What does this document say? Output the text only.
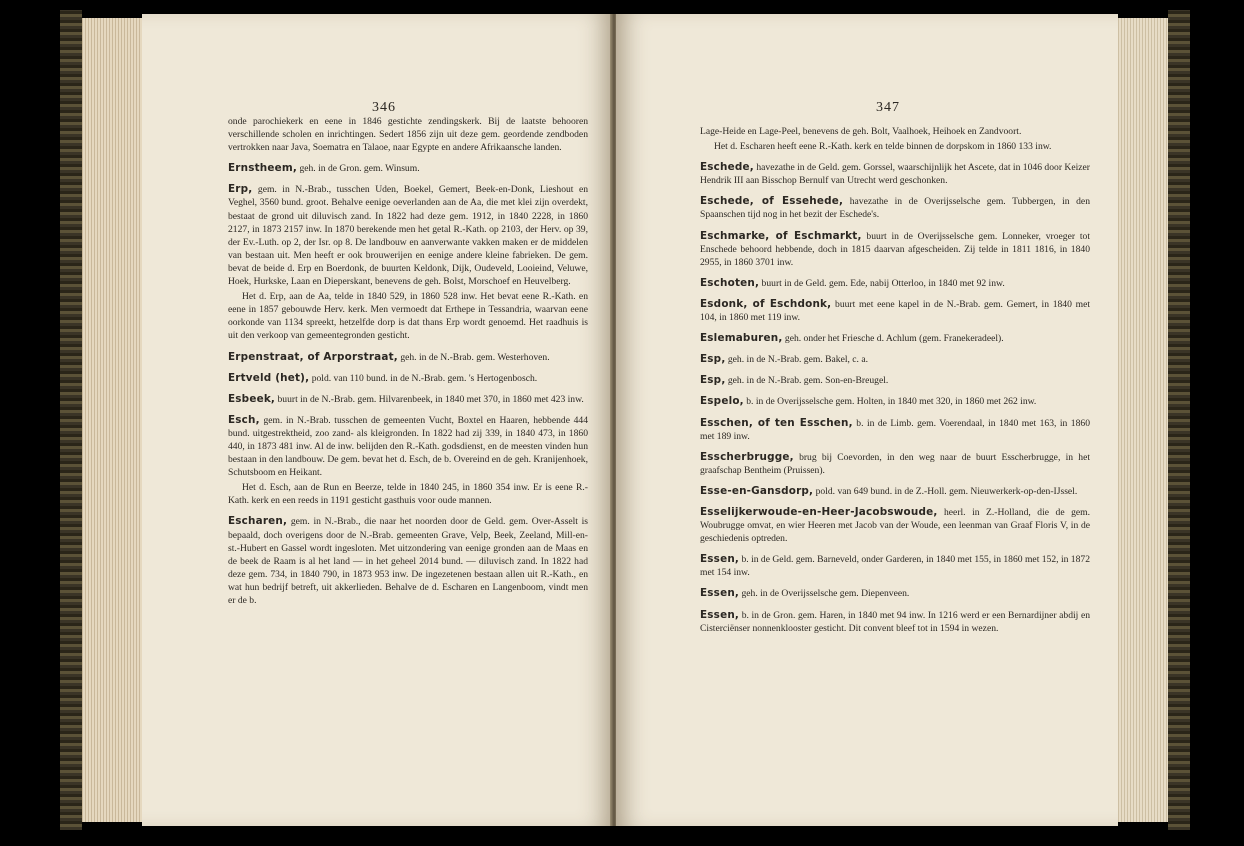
346

onde parochiekerk en eene in 1846 gestichte zendingskerk. Bij de laatste behooren verschillende scholen en inrichtingen. Sedert 1856 zijn uit deze gem. geordende zendboden vertrokken naar Java, Soematra en Talaoe, naar Egypte en andere Afrikaansche landen.

Ernstheem, geh. in de Gron. gem. Winsum.

Erp, gem. in N.-Brab., tusschen Uden, Boekel, Gemert, Beek-en-Donk, Lieshout en Veghel, 3560 bund. groot. Behalve eenige oeverlanden aan de Aa, die met klei zijn overdekt, bestaat de grond uit diluvisch zand. In 1822 had deze gem. 1912, in 1840 2228, in 1860 2127, in 1873 2157 inw. In 1870 berekende men het getal R.-Kath. op 2103, der Herv. op 39, der Ev.-Luth. op 2, der Isr. op 8. De landbouw en aanverwante vakken maken er de middelen van bestaan uit. Men heeft er ook brouwerijen en eenige andere kleine fabrieken. De gem. bevat de beide d. Erp en Boerdonk, de buurten Keldonk, Dijk, Oudeveld, Looieind, Veluwe, Hoek, Hurkske, Laan en Dieperskant, benevens de geh. Bolst, Morschoef en Heuvelberg.

Het d. Erp, aan de Aa, telde in 1840 529, in 1860 528 inw. Het bevat eene R.-Kath. en eene in 1857 gebouwde Herv. kerk. Men vermoedt dat Erthepe in Tessandria, waarvan eene oorkonde van 1134 spreekt, hetzelfde dorp is dat thans Erp wordt genoemd. Het raadhuis is uit den verkoop van gemeentegronden gesticht.

Erpenstraat, of Arporstraat, geh. in de N.-Brab. gem. Westerhoven.

Ertveld (het), pold. van 110 bund. in de N.-Brab. gem. 's Hertogenbosch.

Esbeek, buurt in de N.-Brab. gem. Hilvarenbeek, in 1840 met 370, in 1860 met 423 inw.

Esch, gem. in N.-Brab. tusschen de gemeenten Vucht, Boxtel en Haaren, hebbende 444 bund. uitgestrektheid, zoo zand- als kleigronden. In 1822 had zij 339, in 1840 473, in 1860 440, in 1873 481 inw. Al de inw. belijden den R.-Kath. godsdienst, en de meesten vinden hun bestaan in den landbouw. De gem. bevat het d. Esch, de b. Overeind en de geh. Kranijenhoek, Schutsboom en Heikant.

Het d. Esch, aan de Run en Beerze, telde in 1840 245, in 1860 354 inw. Er is eene R.-Kath. kerk en een reeds in 1191 gesticht gasthuis voor oude mannen.

Escharen, gem. in N.-Brab., die naar het noorden door de Geld. gem. Over-Asselt is bepaald, doch overigens door de N.-Brab. gemeenten Grave, Velp, Beek, Zeeland, Mill-en-st.-Hubert en Gassel wordt ingesloten. Met uitzondering van eenige gronden aan de Maas en de beek de Raam is al het land — in het geheel 2014 bund. — diluvisch zand. In 1822 had deze gem. 734, in 1840 790, in 1873 953 inw. De ingezetenen bestaan allen uit R.-Kath., en wat hun bedrijf betreft, uit akkerlieden. Behalve de d. Escharen en Langenboom, vindt men er de b.

347

Lage-Heide en Lage-Peel, benevens de geh. Bolt, Vaalhoek, Heihoek en Zandvoort.

Het d. Escharen heeft eene R.-Kath. kerk en telde binnen de dorpskom in 1860 133 inw.

Eschede, havezathe in de Geld. gem. Gorssel, waarschijnlijk het Ascete, dat in 1046 door Keizer Hendrik III aan Bisschop Bernulf van Utrecht werd geschonken.

Eschede, of Essehede, havezathe in de Overijsselsche gem. Tubbergen, in den Spaanschen tijd nog in het bezit der Eschede's.

Eschmarke, of Eschmarkt, buurt in de Overijsselsche gem. Lonneker, vroeger tot Enschede behoord hebbende, doch in 1815 daarvan afgescheiden. Zij telde in 1811 1816, in 1840 2955, in 1860 3701 inw.

Eschoten, buurt in de Geld. gem. Ede, nabij Otterloo, in 1840 met 92 inw.

Esdonk, of Eschdonk, buurt met eene kapel in de N.-Brab. gem. Gemert, in 1840 met 104, in 1860 met 119 inw.

Eslemaburen, geh. onder het Friesche d. Achlum (gem. Franekeradeel).

Esp, geh. in de N.-Brab. gem. Bakel, c. a.

Esp, geh. in de N.-Brab. gem. Son-en-Breugel.

Espelo, b. in de Overijsselsche gem. Holten, in 1840 met 320, in 1860 met 262 inw.

Esschen, of ten Esschen, b. in de Limb. gem. Voerendaal, in 1840 met 163, in 1860 met 189 inw.

Esscherbrugge, brug bij Coevorden, in den weg naar de buurt Esscherbrugge, in het graafschap Bentheim (Pruissen).

Esse-en-Gansdorp, pold. van 649 bund. in de Z.-Holl. gem. Nieuwerkerk-op-den-IJssel.

Esselijkerwoude-en-Heer-Jacobswoude, heerl. in Z.-Holland, die de gem. Woubrugge omvat, en wier Heeren met Jacob van der Woude, een leenman van Graaf Floris V, in de geschiedenis optreden.

Essen, b. in de Geld. gem. Barneveld, onder Garderen, in 1840 met 155, in 1860 met 152, in 1872 met 154 inw.

Essen, geh. in de Overijsselsche gem. Diepenveen.

Essen, b. in de Gron. gem. Haren, in 1840 met 94 inw. In 1216 werd er een Bernardijner abdij en Cisterciënser nonnenklooster gesticht. Dit convent bleef tot in 1594 in wezen.
